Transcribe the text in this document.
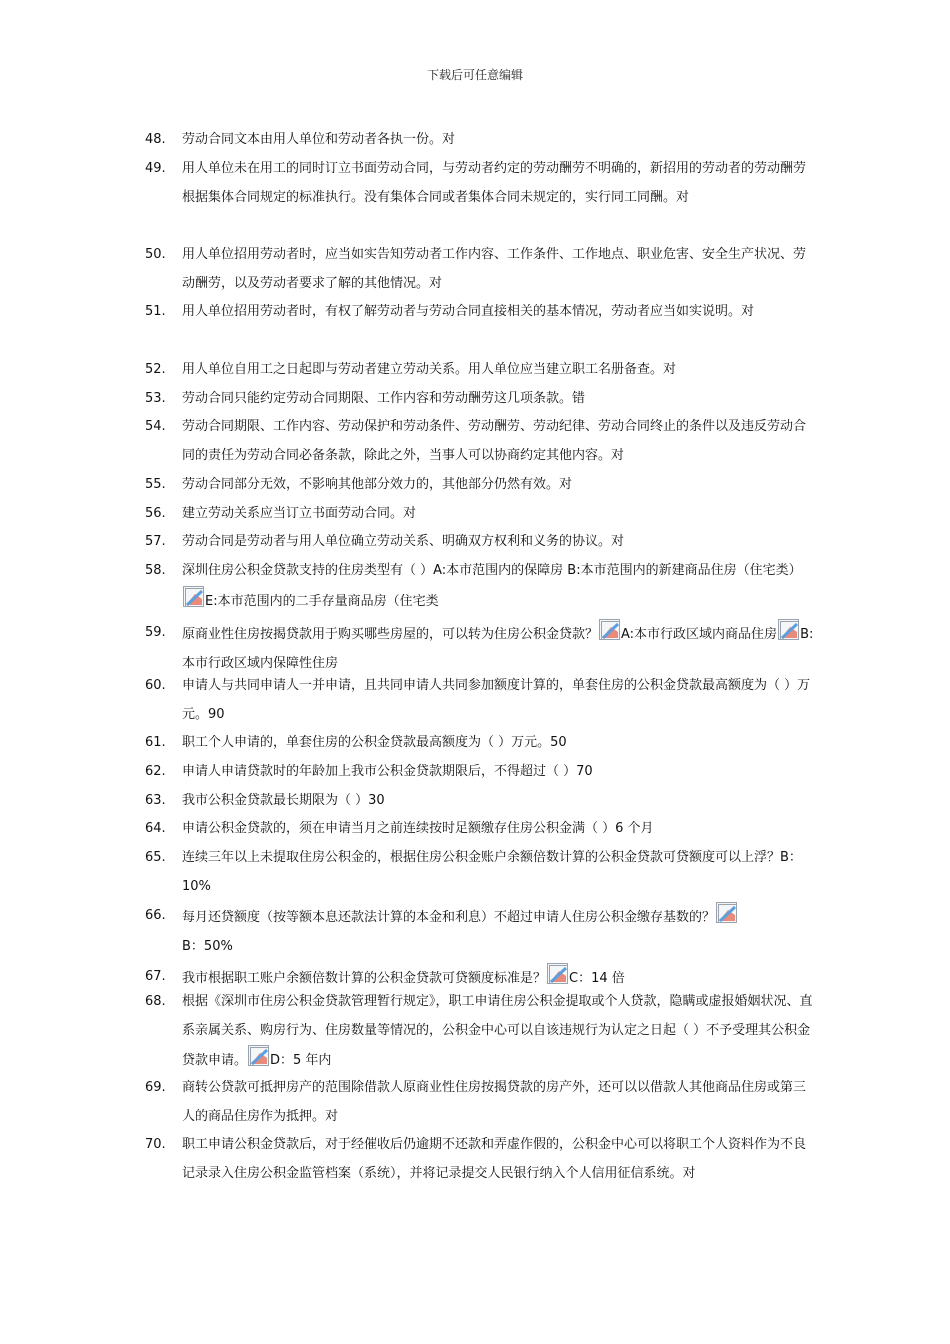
下载后可任意编辑
48.	劳动合同文本由用人单位和劳动者各执一份。对
49.	用人单位未在用工的同时订立书面劳动合同，与劳动者约定的劳动酬劳不明确的，新招用的劳动者的劳动酬劳根据集体合同规定的标准执行。没有集体合同或者集体合同未规定的，实行同工同酬。对
50.	用人单位招用劳动者时，应当如实告知劳动者工作内容、工作条件、工作地点、职业危害、安全生产状况、劳动酬劳，以及劳动者要求了解的其他情况。对
51.	用人单位招用劳动者时，有权了解劳动者与劳动合同直接相关的基本情况，劳动者应当如实说明。对
52.	用人单位自用工之日起即与劳动者建立劳动关系。用人单位应当建立职工名册备查。对
53.	劳动合同只能约定劳动合同期限、工作内容和劳动酬劳这几项条款。错
54.	劳动合同期限、工作内容、劳动保护和劳动条件、劳动酬劳、劳动纪律、劳动合同终止的条件以及违反劳动合同的责任为劳动合同必备条款，除此之外，当事人可以协商约定其他内容。对
55.	劳动合同部分无效，不影响其他部分效力的，其他部分仍然有效。对
56.	建立劳动关系应当订立书面劳动合同。对
57.	劳动合同是劳动者与用人单位确立劳动关系、明确双方权利和义务的协议。对
58.	深圳住房公积金贷款支持的住房类型有（ ）A:本市范围内的保障房 B:本市范围内的新建商品住房（住宅类）
E:本市范围内的二手存量商品房（住宅类
59.	原商业性住房按揭贷款用于购买哪些房屋的，可以转为住房公积金贷款？ A:本市行政区域内商品住房 B:本市行政区域内保障性住房
60.	申请人与共同申请人一并申请，且共同申请人共同参加额度计算的，单套住房的公积金贷款最高额度为（ ）万元。90
61.	职工个人申请的，单套住房的公积金贷款最高额度为（ ）万元。50
62.	申请人申请贷款时的年龄加上我市公积金贷款期限后，不得超过（ ）70
63.	我市公积金贷款最长期限为（ ）30
64.	申请公积金贷款的，须在申请当月之前连续按时足额缴存住房公积金满（ ）6 个月
65.	连续三年以上未提取住房公积金的，根据住房公积金账户余额倍数计算的公积金贷款可贷额度可以上浮？B：10%
66.	每月还贷额度（按等额本息还款法计算的本金和利息）不超过申请人住房公积金缴存基数的？

B：50%
67.	我市根据职工账户余额倍数计算的公积金贷款可贷额度标准是？ C：14 倍
68.	根据《深圳市住房公积金贷款管理暂行规定》，职工申请住房公积金提取或个人贷款，隐瞒或虚报婚姻状况、直系亲属关系、购房行为、住房数量等情况的，公积金中心可以自该违规行为认定之日起（ ）不予受理其公积金贷款申请。 D：5 年内
69.	商转公贷款可抵押房产的范围除借款人原商业性住房按揭贷款的房产外，还可以以借款人其他商品住房或第三人的商品住房作为抵押。对
70.	职工申请公积金贷款后，对于经催收后仍逾期不还款和弄虚作假的，公积金中心可以将职工个人资料作为不良记录录入住房公积金监管档案（系统），并将记录提交人民银行纳入个人信用征信系统。对
